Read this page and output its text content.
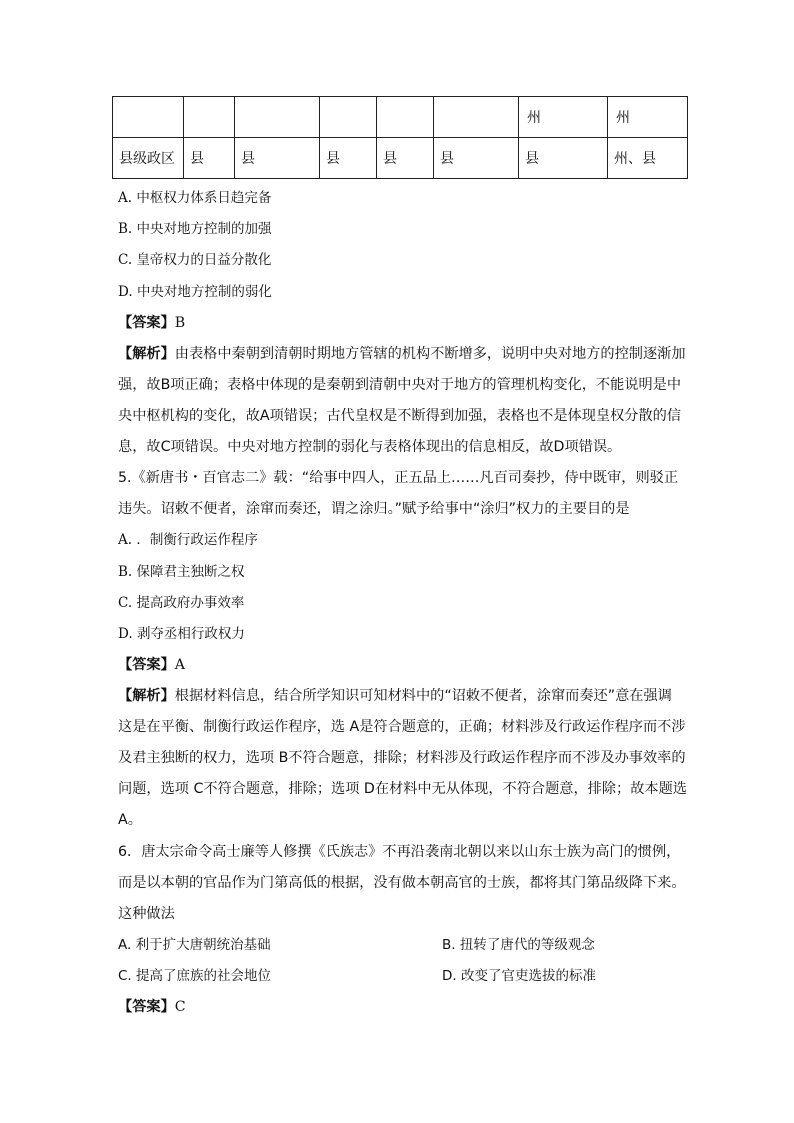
						州	州
县级政区	县	县	县	县	县	县	州、县
A. 中枢权力体系日趋完备
B. 中央对地方控制的加强
C. 皇帝权力的日益分散化
D. 中央对地方控制的弱化
【答案】B
【解析】由表格中秦朝到清朝时期地方管辖的机构不断增多，说明中央对地方的控制逐渐加
强，故B项正确；表格中体现的是秦朝到清朝中央对于地方的管理机构变化，不能说明是中
央中枢机构的变化，故A项错误；古代皇权是不断得到加强，表格也不是体现皇权分散的信
息，故C项错误。中央对地方控制的弱化与表格体现出的信息相反，故D项错误。
5.《新唐书・百官志二》载：“给事中四人，正五品上……凡百司奏抄，侍中既审，则驳正
违失。诏敕不便者，涂窜而奏还，谓之涂归。”赋予给事中“涂归”权力的主要目的是
A. ．制衡行政运作程序
B. 保障君主独断之权
C. 提高政府办事效率
D. 剥夺丞相行政权力
【答案】A
【解析】根据材料信息，结合所学知识可知材料中的“诏敕不便者，涂窜而奏还”意在强调
这是在平衡、制衡行政运作程序，选 A是符合题意的，正确；材料涉及行政运作程序而不涉
及君主独断的权力，选项 B不符合题意，排除；材料涉及行政运作程序而不涉及办事效率的
问题，选项 C不符合题意，排除；选项 D在材料中无从体现，不符合题意，排除；故本题选
A。
6．唐太宗命令高士廉等人修撰《氏族志》不再沿袭南北朝以来以山东士族为高门的惯例，
而是以本朝的官品作为门第高低的根据，没有做本朝高官的士族，都将其门第品级降下来。
这种做法
A. 利于扩大唐朝统治基础	B. 扭转了唐代的等级观念
C. 提高了庶族的社会地位	D. 改变了官吏选拔的标准
【答案】C
